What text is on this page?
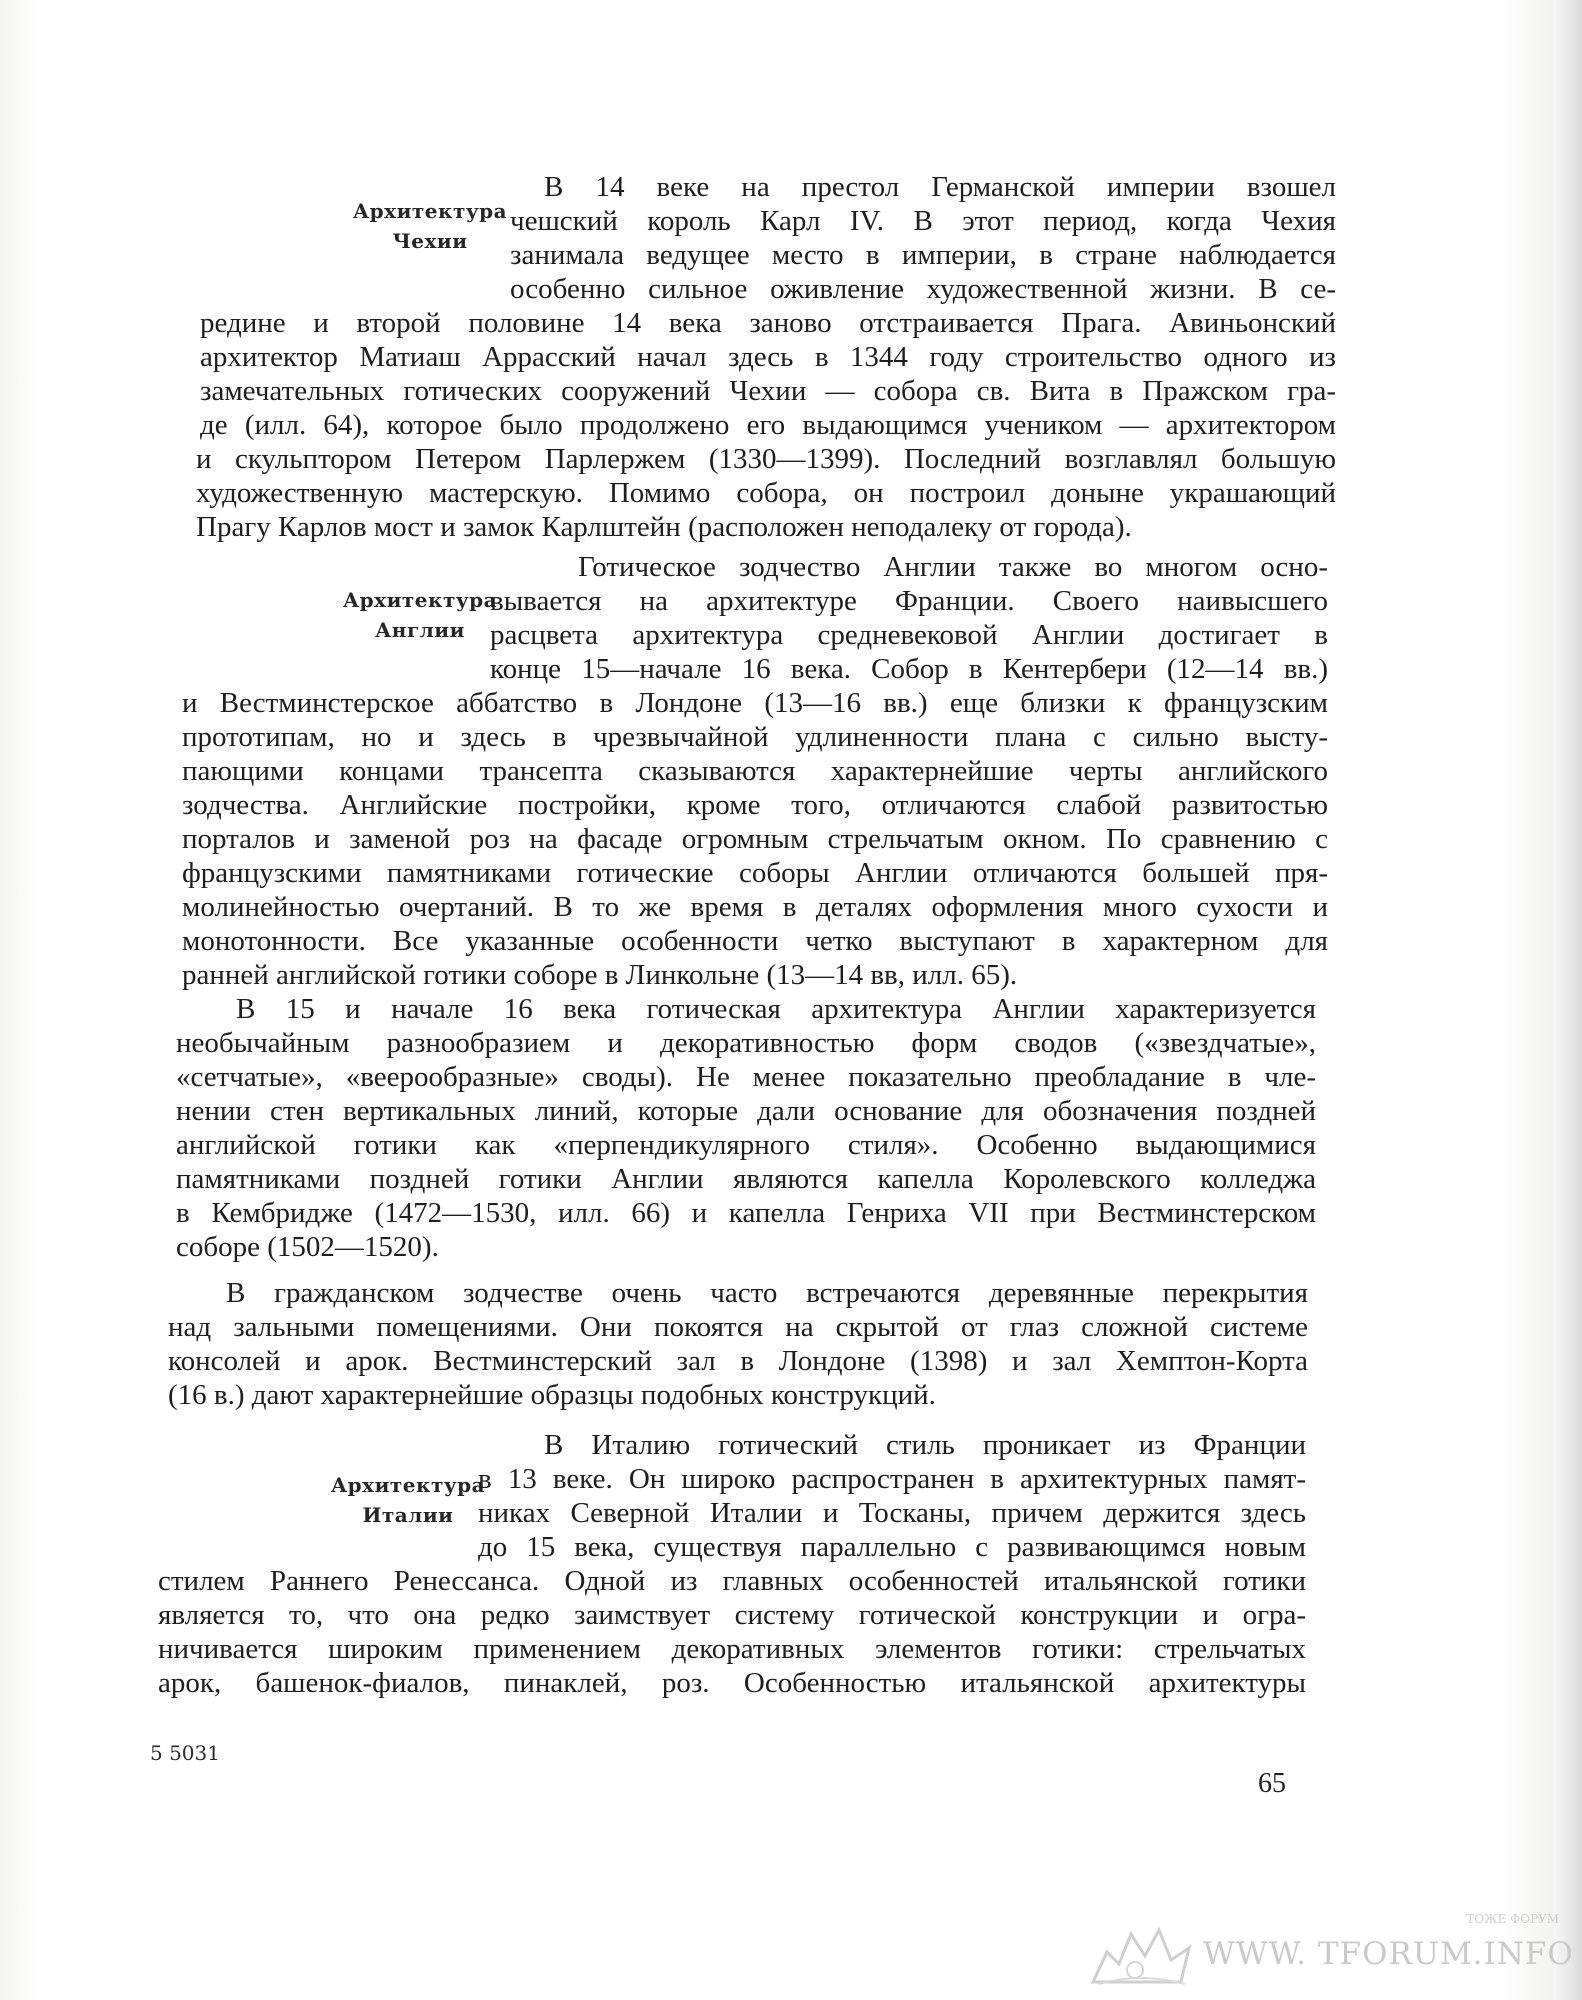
Архитектура
Чехии
Архитектура
Англии
Архитектура
Италии
В 14 веке на престол Германской империи взошел
чешский король Карл IV. В этот период, когда Чехия
занимала ведущее место в империи, в стране наблюдается
особенно сильное оживление художественной жизни. В се-
редине и второй половине 14 века заново отстраивается Прага. Авиньонский
архитектор Матиаш Аррасский начал здесь в 1344 году строительство одного из
замечательных готических сооружений Чехии — собора св. Вита в Пражском гра-
де (илл. 64), которое было продолжено его выдающимся учеником — архитектором
и скульптором Петером Парлержем (1330—1399). Последний возглавлял большую
художественную мастерскую. Помимо собора, он построил доныне украшающий
Прагу Карлов мост и замок Карлштейн (расположен неподалеку от города).
Готическое зодчество Англии также во многом осно-
вывается на архитектуре Франции. Своего наивысшего
расцвета архитектура средневековой Англии достигает в
конце 15—начале 16 века. Собор в Кентербери (12—14 вв.)
и Вестминстерское аббатство в Лондоне (13—16 вв.) еще близки к французским
прототипам, но и здесь в чрезвычайной удлиненности плана с сильно высту-
пающими концами трансепта сказываются характернейшие черты английского
зодчества. Английские постройки, кроме того, отличаются слабой развитостью
порталов и заменой роз на фасаде огромным стрельчатым окном. По сравнению с
французскими памятниками готические соборы Англии отличаются большей пря-
молинейностью очертаний. В то же время в деталях оформления много сухости и
монотонности. Все указанные особенности четко выступают в характерном для
ранней английской готики соборе в Линкольне (13—14 вв, илл. 65).
В 15 и начале 16 века готическая архитектура Англии характеризуется
необычайным разнообразием и декоративностью форм сводов («звездчатые»,
«сетчатые», «веерообразные» своды). Не менее показательно преобладание в чле-
нении стен вертикальных линий, которые дали основание для обозначения поздней
английской готики как «перпендикулярного стиля». Особенно выдающимися
памятниками поздней готики Англии являются капелла Королевского колледжа
в Кембридже (1472—1530, илл. 66) и капелла Генриха VII при Вестминстерском
соборе (1502—1520).
В гражданском зодчестве очень часто встречаются деревянные перекрытия
над зальными помещениями. Они покоятся на скрытой от глаз сложной системе
консолей и арок. Вестминстерский зал в Лондоне (1398) и зал Хемптон-Корта
(16 в.) дают характернейшие образцы подобных конструкций.
В Италию готический стиль проникает из Франции
в 13 веке. Он широко распространен в архитектурных памят-
никах Северной Италии и Тосканы, причем держится здесь
до 15 века, существуя параллельно с развивающимся новым
стилем Раннего Ренессанса. Одной из главных особенностей итальянской готики
является то, что она редко заимствует систему готической конструкции и огра-
ничивается широким применением декоративных элементов готики: стрельчатых
арок, башенок-фиалов, пинаклей, роз. Особенностью итальянской архитектуры
5 5031
65
WWW. TFORUM.INFO
ТОЖЕ ФОРУМ
